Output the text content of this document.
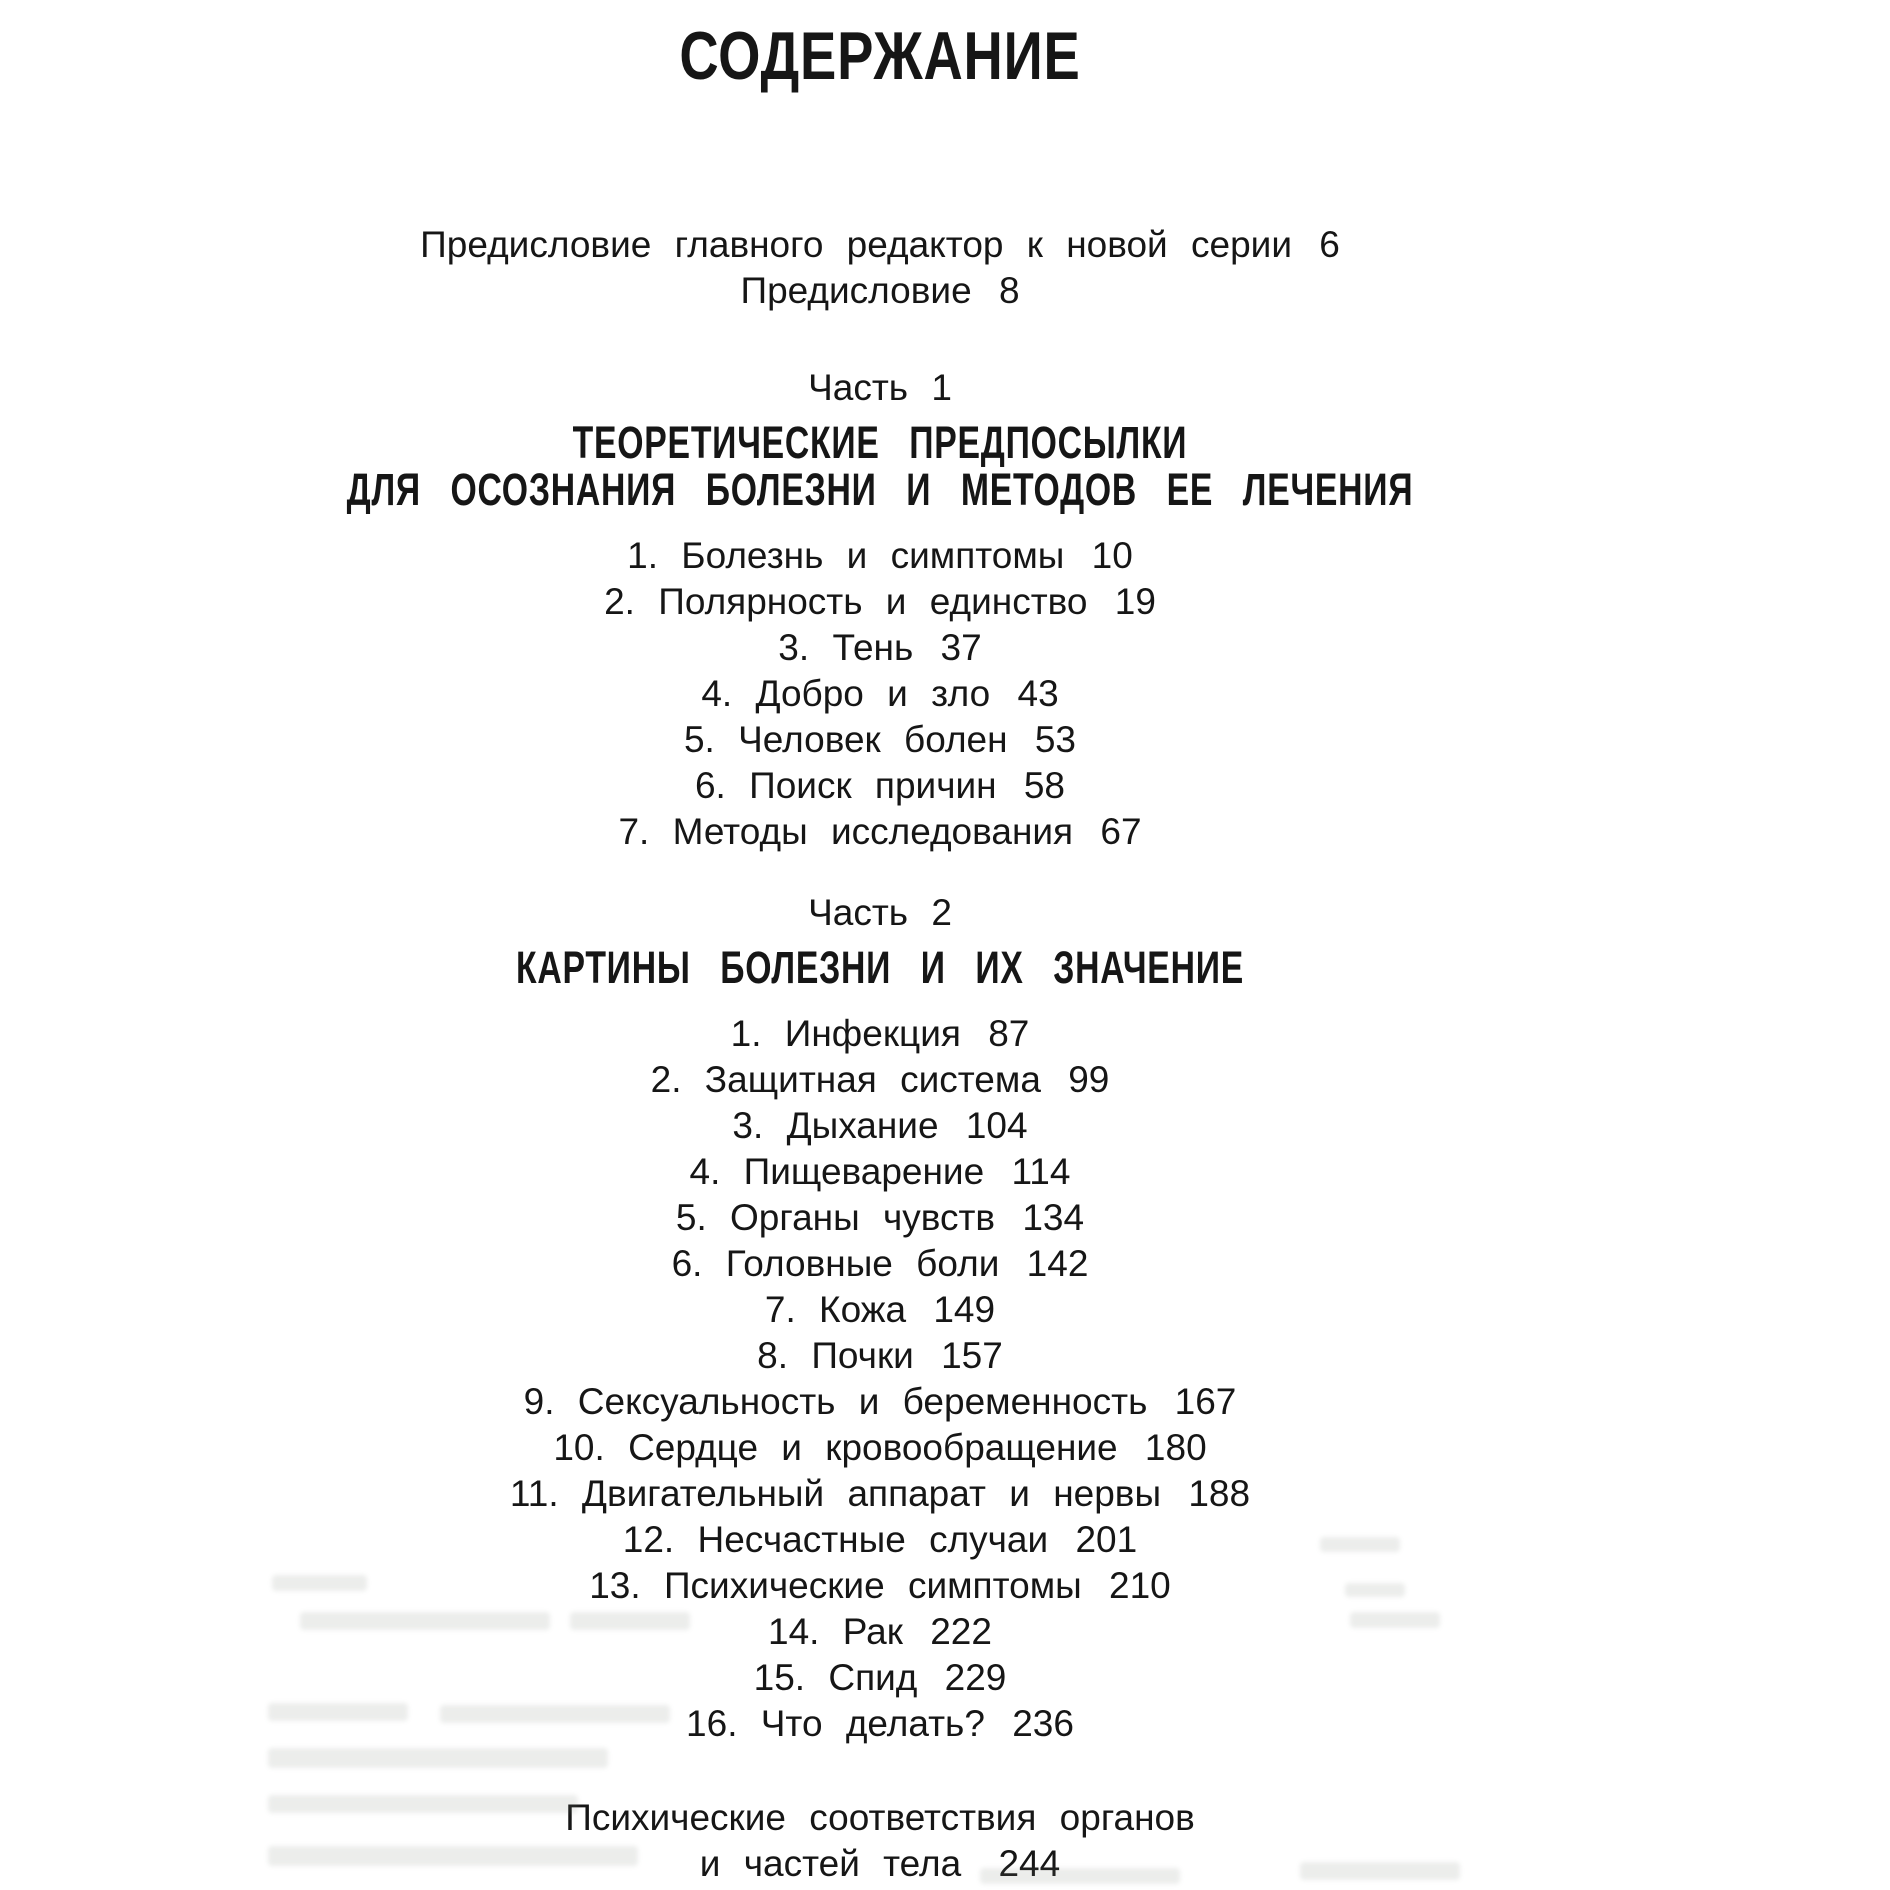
СОДЕРЖАНИЕ
Предисловие главного редактор к новой серии 6
Предисловие 8
Часть 1
ТЕОРЕТИЧЕСКИЕ ПРЕДПОСЫЛКИ
ДЛЯ ОСОЗНАНИЯ БОЛЕЗНИ И МЕТОДОВ ЕЕ ЛЕЧЕНИЯ
1. Болезнь и симптомы 10
2. Полярность и единство 19
3. Тень 37
4. Добро и зло 43
5. Человек болен 53
6. Поиск причин 58
7. Методы исследования 67
Часть 2
КАРТИНЫ БОЛЕЗНИ И ИХ ЗНАЧЕНИЕ
1. Инфекция 87
2. Защитная система 99
3. Дыхание 104
4. Пищеварение 114
5. Органы чувств 134
6. Головные боли 142
7. Кожа 149
8. Почки 157
9. Сексуальность и беременность 167
10. Сердце и кровообращение 180
11. Двигательный аппарат и нервы 188
12. Несчастные случаи 201
13. Психические симптомы 210
14. Рак 222
15. Спид 229
16. Что делать? 236
Психические соответствия органов
и частей тела 244
